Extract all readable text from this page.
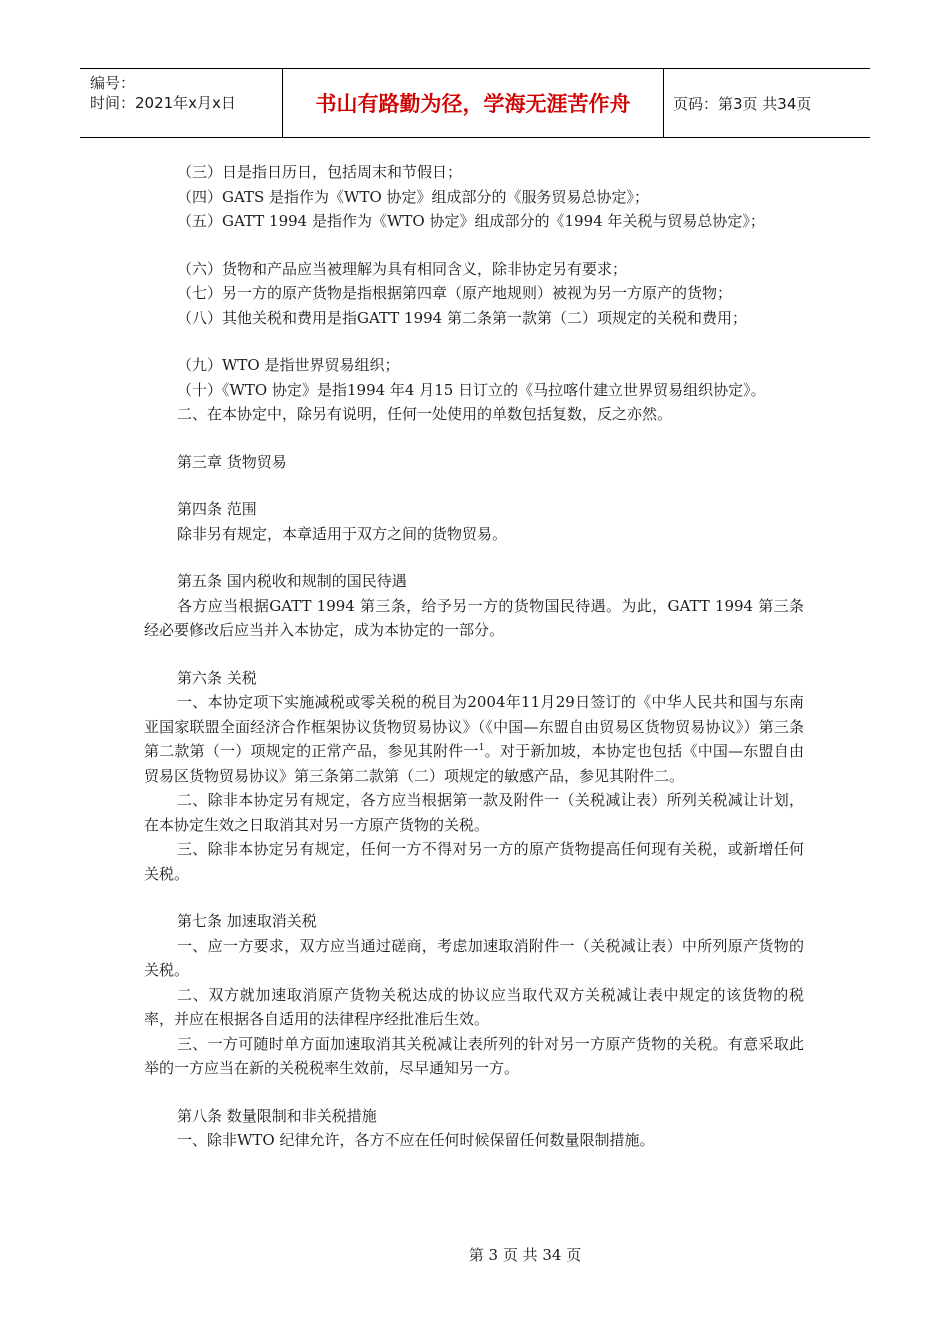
编号：
时间：2021年x月x日	书山有路勤为径，学海无涯苦作舟	页码：第3页 共34页

（三）日是指日历日，包括周末和节假日；

（四）GATS 是指作为《WTO 协定》组成部分的《服务贸易总协定》；

（五）GATT 1994 是指作为《WTO 协定》组成部分的《1994 年关税与贸易总协定》；

（六）货物和产品应当被理解为具有相同含义，除非协定另有要求；

（七）另一方的原产货物是指根据第四章（原产地规则）被视为另一方原产的货物；

（八）其他关税和费用是指GATT 1994 第二条第一款第（二）项规定的关税和费用；

（九）WTO 是指世界贸易组织；

（十）《WTO 协定》是指1994 年4 月15 日订立的《马拉喀什建立世界贸易组织协定》。

二、在本协定中，除另有说明，任何一处使用的单数包括复数，反之亦然。

第三章 货物贸易

第四条 范围

除非另有规定，本章适用于双方之间的货物贸易。

第五条 国内税收和规制的国民待遇

各方应当根据GATT 1994 第三条，给予另一方的货物国民待遇。为此，GATT 1994 第三条经必要修改后应当并入本协定，成为本协定的一部分。

第六条 关税

一、本协定项下实施减税或零关税的税目为2004年11月29日签订的《中华人民共和国与东南亚国家联盟全面经济合作框架协议货物贸易协议》（《中国—东盟自由贸易区货物贸易协议》）第三条第二款第（一）项规定的正常产品，参见其附件一$^1$。对于新加坡，本协定也包括《中国—东盟自由贸易区货物贸易协议》第三条第二款第（二）项规定的敏感产品，参见其附件二。

二、除非本协定另有规定，各方应当根据第一款及附件一（关税减让表）所列关税减让计划，在本协定生效之日取消其对另一方原产货物的关税。

三、除非本协定另有规定，任何一方不得对另一方的原产货物提高任何现有关税，或新增任何关税。

第七条 加速取消关税

一、应一方要求，双方应当通过磋商，考虑加速取消附件一（关税减让表）中所列原产货物的关税。

二、双方就加速取消原产货物关税达成的协议应当取代双方关税减让表中规定的该货物的税率，并应在根据各自适用的法律程序经批准后生效。

三、一方可随时单方面加速取消其关税减让表所列的针对另一方原产货物的关税。有意采取此举的一方应当在新的关税税率生效前，尽早通知另一方。

第八条 数量限制和非关税措施

一、除非WTO 纪律允许，各方不应在任何时候保留任何数量限制措施。

第 3 页 共 34 页
